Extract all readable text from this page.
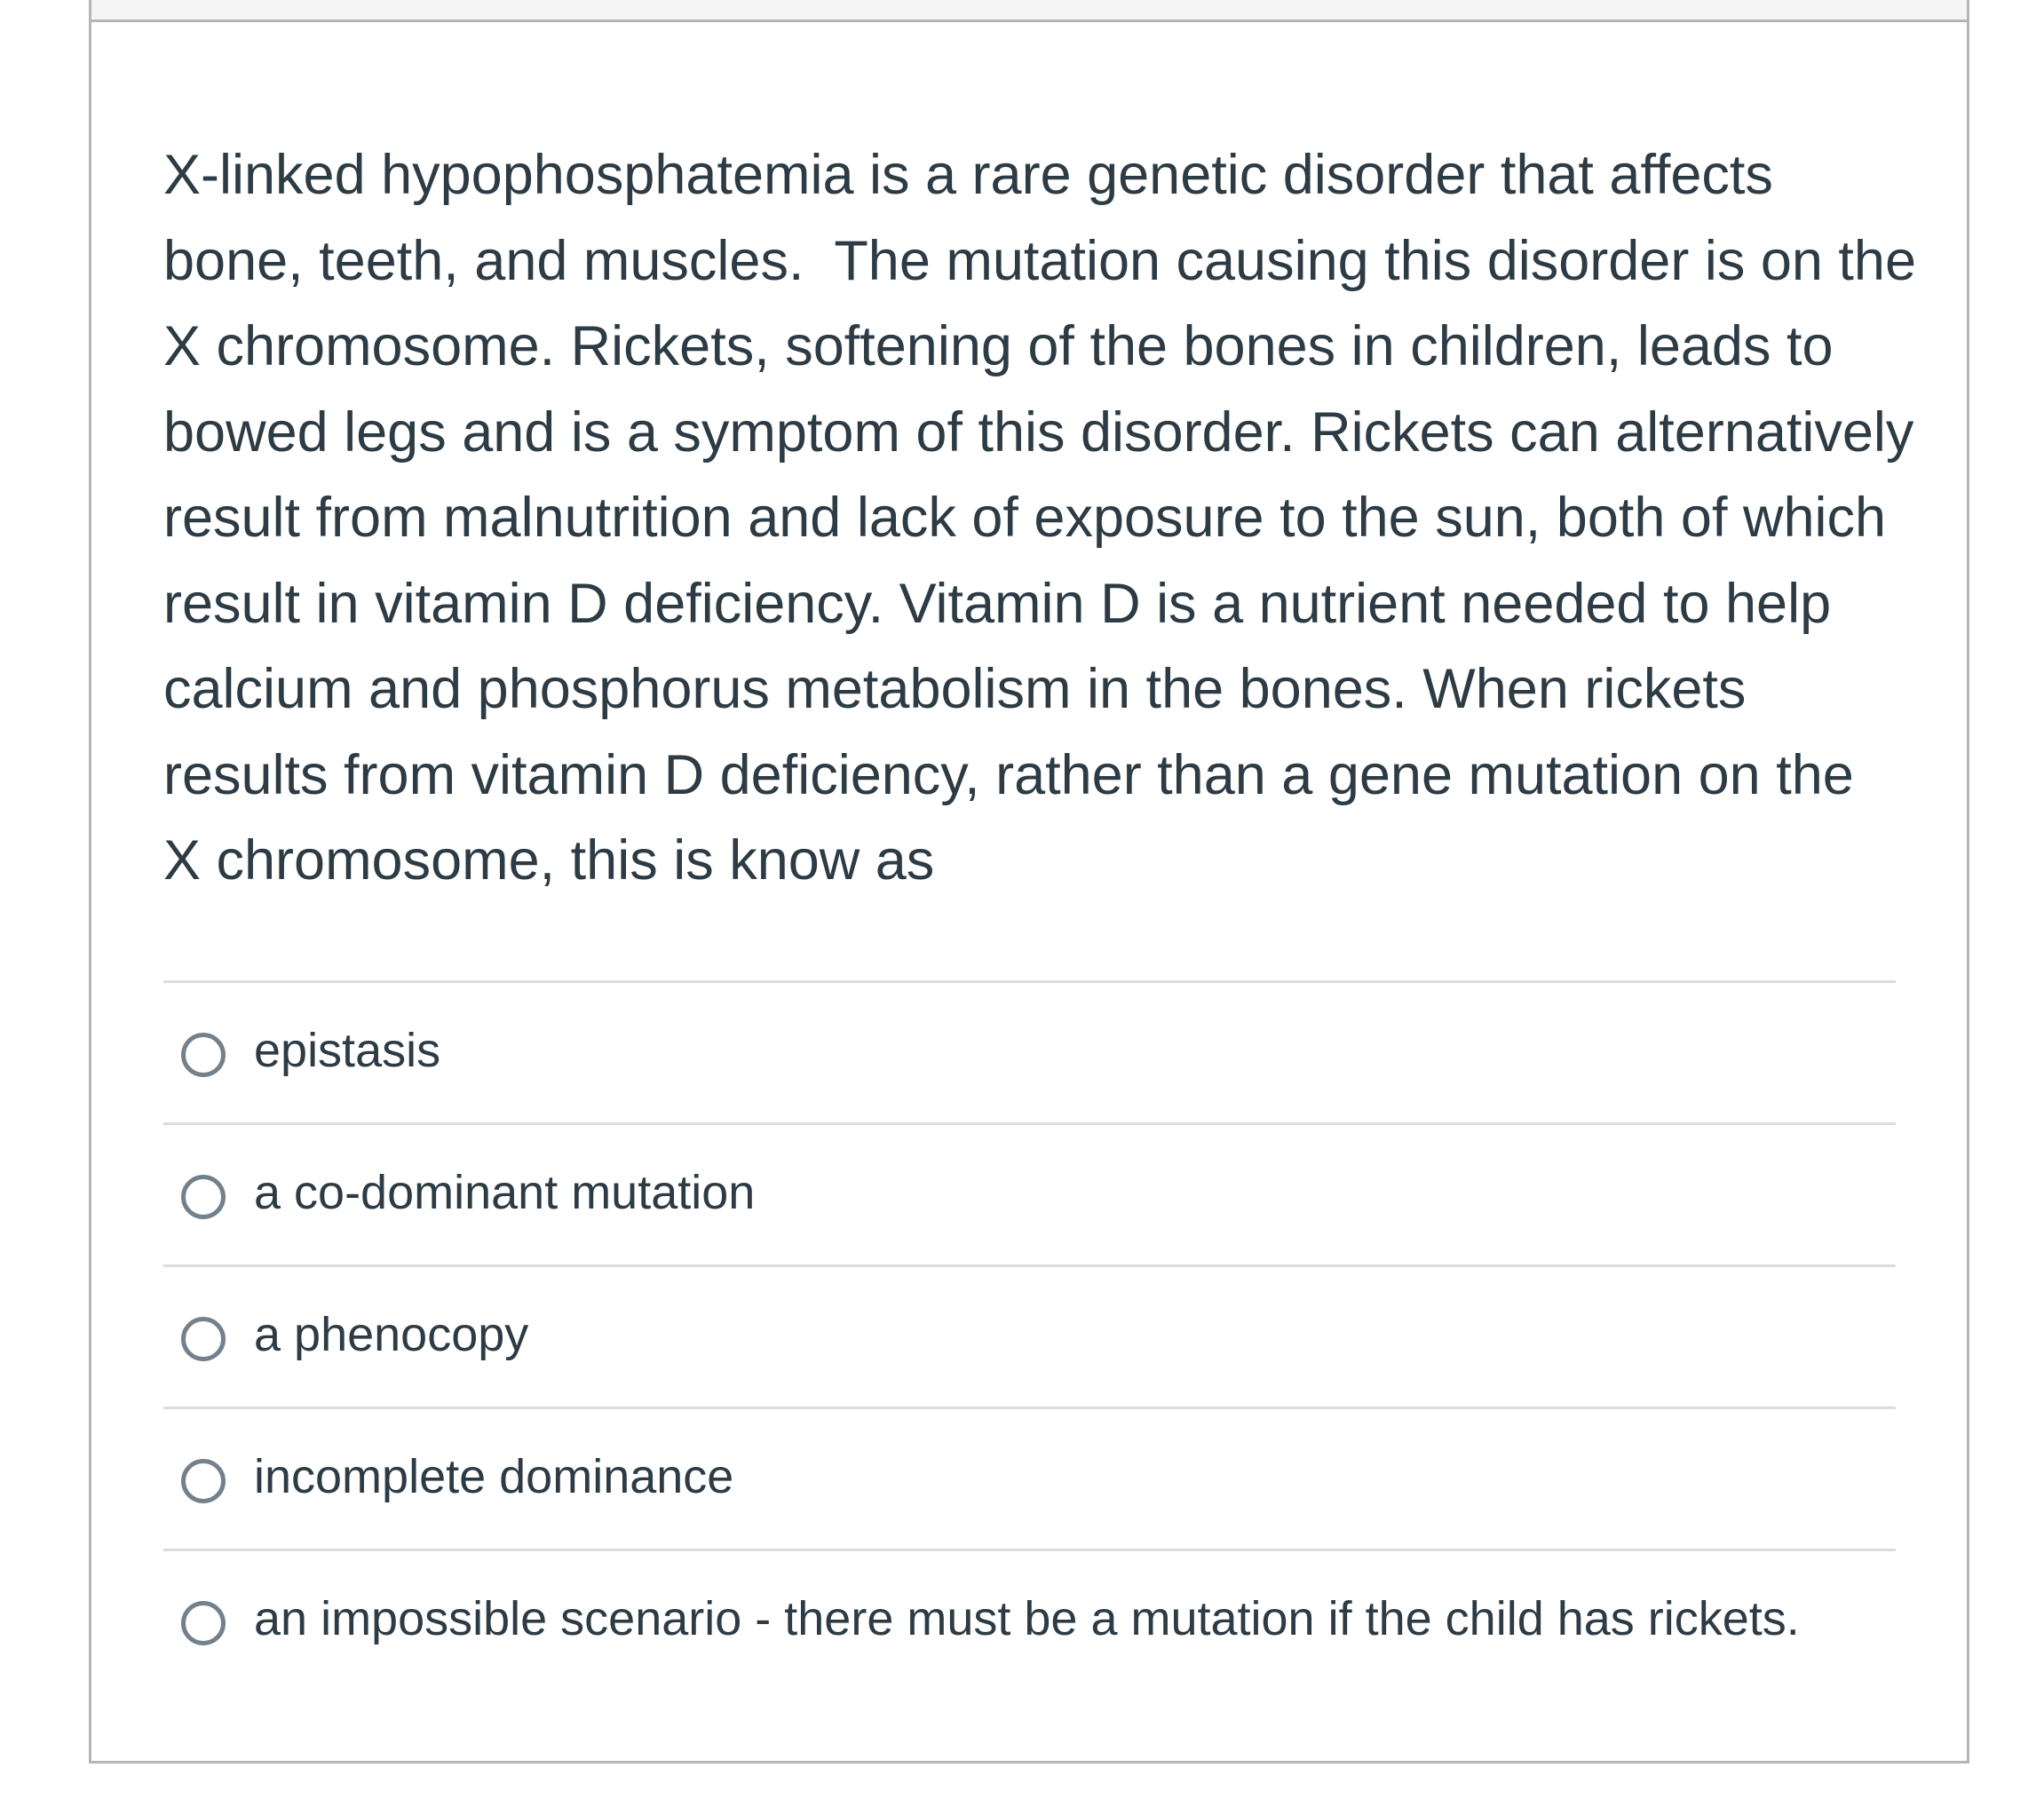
X-linked hypophosphatemia is a rare genetic disorder that affects
bone, teeth, and muscles.  The mutation causing this disorder is on the
X chromosome. Rickets, softening of the bones in children, leads to
bowed legs and is a symptom of this disorder. Rickets can alternatively
result from malnutrition and lack of exposure to the sun, both of which
result in vitamin D deficiency. Vitamin D is a nutrient needed to help
calcium and phosphorus metabolism in the bones. When rickets
results from vitamin D deficiency, rather than a gene mutation on the
X chromosome, this is know as

epistasis
a co-dominant mutation
a phenocopy
incomplete dominance
an impossible scenario - there must be a mutation if the child has rickets.
